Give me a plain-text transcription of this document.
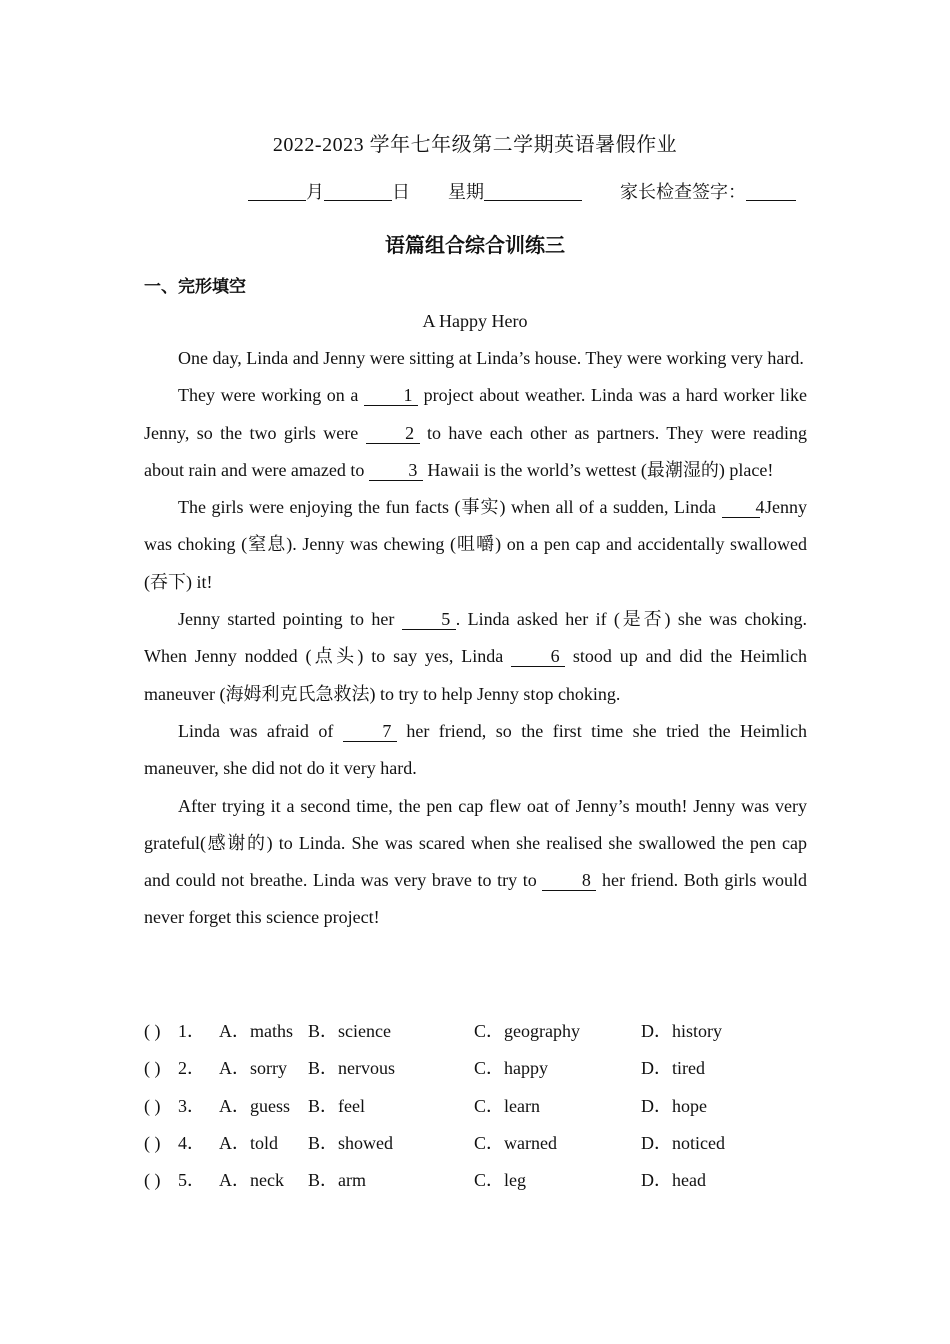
2022-2023 学年七年级第二学期英语暑假作业
月	日 星期	家长检查签字：
语篇组合综合训练三
一、完形填空
A Happy Hero

One day, Linda and Jenny were sitting at Linda’s house. They were working very hard.

They were working on a	1 project about weather. Linda was a hard worker like Jenny, so the two girls were	2 to have each other as partners. They were reading about rain and were amazed to 3 Hawaii is the world’s wettest (最潮湿的) place!

The girls were enjoying the fun facts (事实) when all of a sudden, Linda 4 Jenny was choking (窒息). Jenny was chewing (咀嚼) on a pen cap and accidentally swallowed (吞下) it!

Jenny started pointing to her	5 . Linda asked her if (是否) she was choking. When Jenny nodded (点头) to say yes, Linda	6 stood up and did the Heimlich maneuver (海姆利克氏急救法) to try to help Jenny stop choking.

Linda was afraid of	7 her friend, so the first time she tried the Heimlich maneuver, she did not do it very hard.

After trying it a second time, the pen cap flew oat of Jenny’s mouth! Jenny was very grateful(感谢的) to Linda. She was scared when she realised she swallowed the pen cap and could not breathe. Linda was very brave to try to	8 her friend. Both girls would never forget this science project!

( ) 1． A．maths B．science	C．geography	D．history
( ) 2． A．sorry B．nervous	C．happy	D．tired
( ) 3． A．guess B．feel	C．learn	D．hope
( ) 4． A．told B．showed	C．warned	D．noticed
( ) 5． A．neck B．arm	C．leg	D．head
